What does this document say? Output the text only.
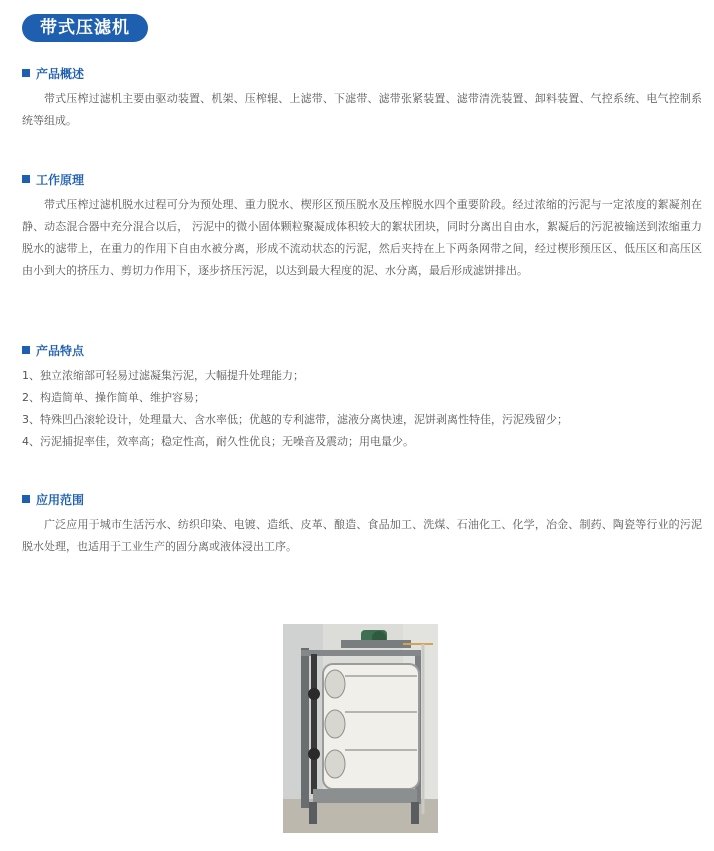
带式压滤机
产品概述

带式压榨过滤机主要由驱动装置、机架、压榨辊、上滤带、下滤带、滤带张紧装置、滤带清洗装置、卸料装置、气控系统、电气控制系统等组成。

工作原理

带式压榨过滤机脱水过程可分为预处理、重力脱水、楔形区预压脱水及压榨脱水四个重要阶段。经过浓缩的污泥与一定浓度的絮凝剂在静、动态混合器中充分混合以后， 污泥中的微小固体颗粒聚凝成体积较大的絮状团块，同时分离出自由水，絮凝后的污泥被输送到浓缩重力脱水的滤带上，在重力的作用下自由水被分离，形成不流动状态的污泥，然后夹持在上下两条网带之间，经过楔形预压区、低压区和高压区由小到大的挤压力、剪切力作用下，逐步挤压污泥，以达到最大程度的泥、水分离，最后形成滤饼排出。

产品特点
1、独立浓缩部可轻易过滤凝集污泥，大幅提升处理能力；
2、构造简单、操作简单、维护容易；
3、特殊凹凸滚轮设计，处理量大、含水率低；优越的专利滤带，滤液分离快速，泥饼剥离性特佳，污泥残留少；
4、污泥捕捉率佳，效率高；稳定性高，耐久性优良；无噪音及震动；用电量少。
应用范围

广泛应用于城市生活污水、纺织印染、电镀、造纸、皮革、酿造、食品加工、洗煤、石油化工、化学，冶金、制药、陶瓷等行业的污泥脱水处理，也适用于工业生产的固分离或液体浸出工序。
